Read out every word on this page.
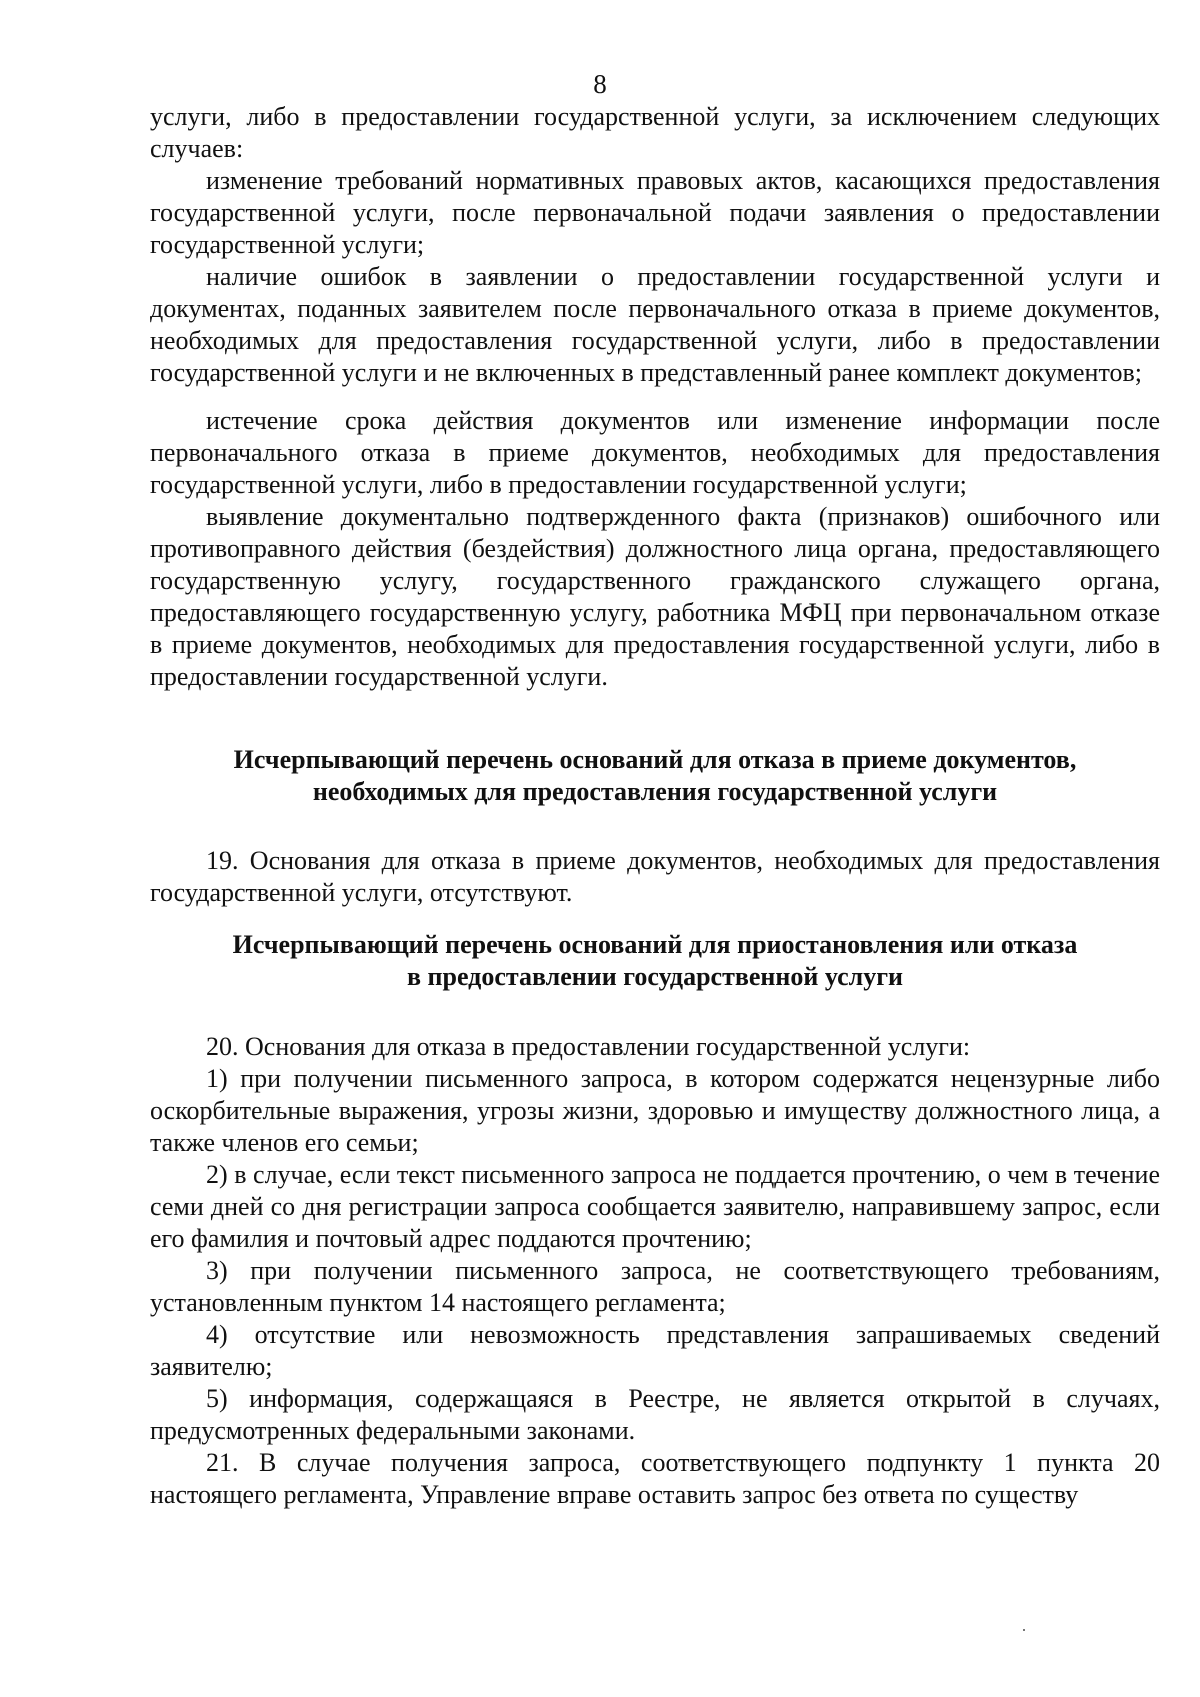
8

услуги, либо в предоставлении государственной услуги, за исключением следующих случаев:

изменение требований нормативных правовых актов, касающихся предоставления государственной услуги, после первоначальной подачи заявления о предоставлении государственной услуги;

наличие ошибок в заявлении о предоставлении государственной услуги и документах, поданных заявителем после первоначального отказа в приеме документов, необходимых для предоставления государственной услуги, либо в предоставлении государственной услуги и не включенных в представленный ранее комплект документов;

истечение срока действия документов или изменение информации после первоначального отказа в приеме документов, необходимых для предоставления государственной услуги, либо в предоставлении государственной услуги;

выявление документально подтвержденного факта (признаков) ошибочного или противоправного действия (бездействия) должностного лица органа, предоставляющего государственную услугу, государственного гражданского служащего органа, предоставляющего государственную услугу, работника МФЦ при первоначальном отказе в приеме документов, необходимых для предоставления государственной услуги, либо в предоставлении государственной услуги.

Исчерпывающий перечень оснований для отказа в приеме документов,
необходимых для предоставления государственной услуги

19. Основания для отказа в приеме документов, необходимых для предоставления государственной услуги, отсутствуют.

Исчерпывающий перечень оснований для приостановления или отказа
в предоставлении государственной услуги

20. Основания для отказа в предоставлении государственной услуги:

1) при получении письменного запроса, в котором содержатся нецензурные либо оскорбительные выражения, угрозы жизни, здоровью и имуществу должностного лица, а также членов его семьи;

2) в случае, если текст письменного запроса не поддается прочтению, о чем в течение семи дней со дня регистрации запроса сообщается заявителю, направившему запрос, если его фамилия и почтовый адрес поддаются прочтению;

3) при получении письменного запроса, не соответствующего требованиям, установленным пунктом 14 настоящего регламента;

4) отсутствие или невозможность представления запрашиваемых сведений заявителю;

5) информация, содержащаяся в Реестре, не является открытой в случаях, предусмотренных федеральными законами.

21. В случае получения запроса, соответствующего подпункту 1 пункта 20 настоящего регламента, Управление вправе оставить запрос без ответа по существу
